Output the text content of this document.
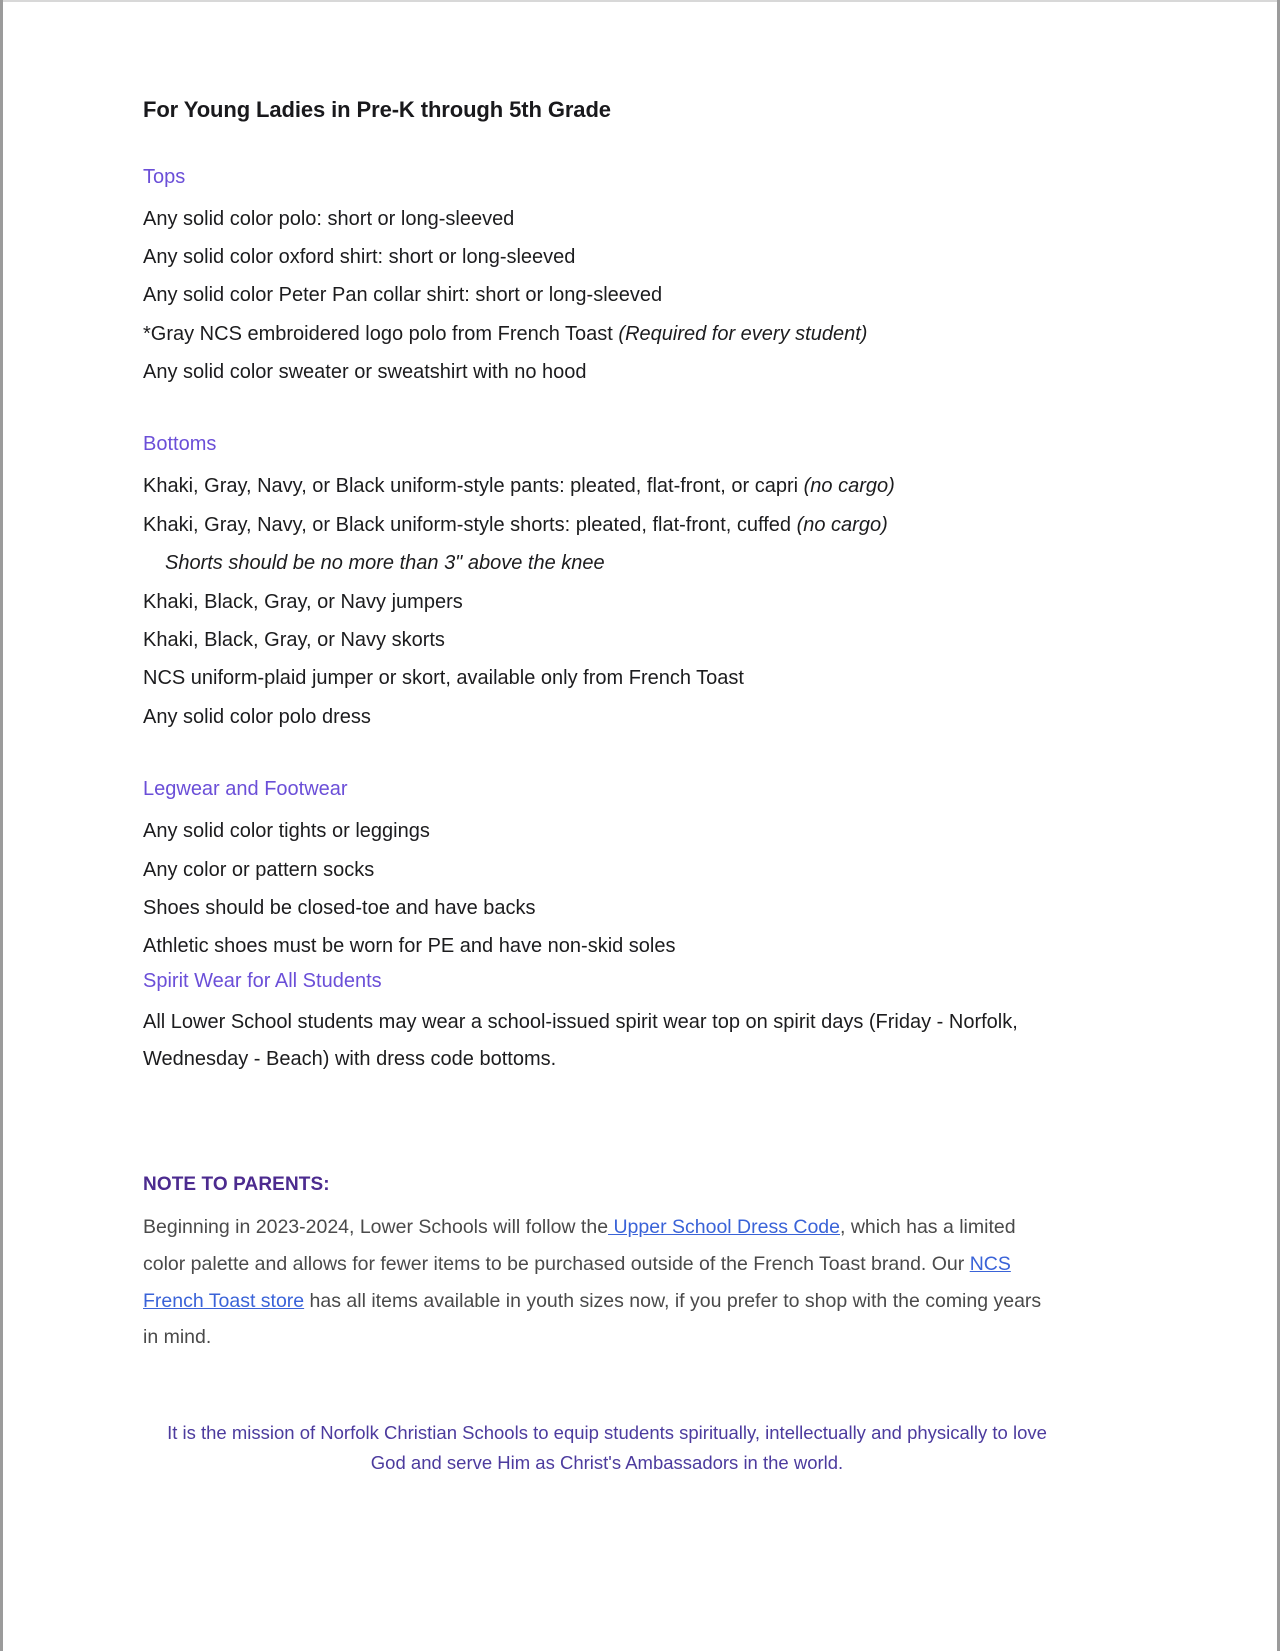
For Young Ladies in Pre-K through 5th Grade
Tops

Any solid color polo: short or long-sleeved

Any solid color oxford shirt: short or long-sleeved

Any solid color Peter Pan collar shirt: short or long-sleeved

*Gray NCS embroidered logo polo from French Toast (Required for every student)

Any solid color sweater or sweatshirt with no hood

Bottoms

Khaki, Gray, Navy, or Black uniform-style pants: pleated, flat-front, or capri (no cargo)

Khaki, Gray, Navy, or Black uniform-style shorts: pleated, flat-front, cuffed (no cargo)

Shorts should be no more than 3" above the knee

Khaki, Black, Gray, or Navy jumpers

Khaki, Black, Gray, or Navy skorts

NCS uniform-plaid jumper or skort, available only from French Toast

Any solid color polo dress

Legwear and Footwear

Any solid color tights or leggings

Any color or pattern socks

Shoes should be closed-toe and have backs

Athletic shoes must be worn for PE and have non-skid soles

Spirit Wear for All Students

All Lower School students may wear a school-issued spirit wear top on spirit days (Friday - Norfolk, Wednesday - Beach) with dress code bottoms.

NOTE TO PARENTS:

Beginning in 2023-2024, Lower Schools will follow the Upper School Dress Code, which has a limited color palette and allows for fewer items to be purchased outside of the French Toast brand. Our NCS French Toast store has all items available in youth sizes now, if you prefer to shop with the coming years in mind.

It is the mission of Norfolk Christian Schools to equip students spiritually, intellectually and physically to love God and serve Him as Christ's Ambassadors in the world.
